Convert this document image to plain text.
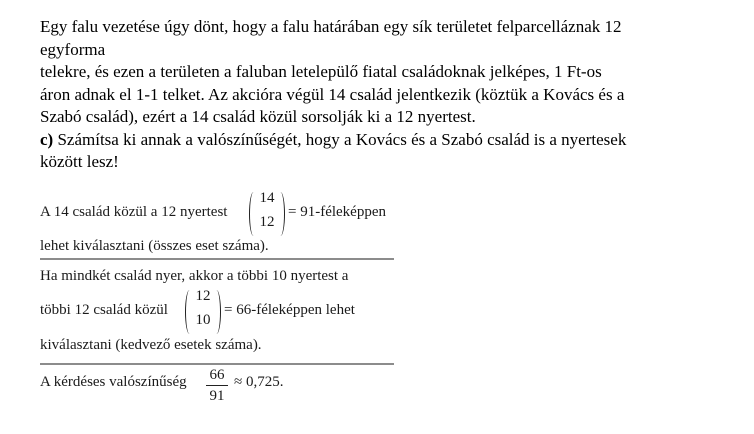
Egy falu vezetése úgy dönt, hogy a falu határában egy sík területet felparcelláznak 12
egyforma
telekre, és ezen a területen a faluban letelepülő fiatal családoknak jelképes, 1 Ft-os
áron adnak el 1-1 telket. Az akcióra végül 14 család jelentkezik (köztük a Kovács és a
Szabó család), ezért a 14 család közül sorsolják ki a 12 nyertest.
c) Számítsa ki annak a valószínűségét, hogy a Kovács és a Szabó család is a nyertesek
között lesz!
A 14 család közül a 12 nyertest
14
12
= 91-féleképpen
lehet kiválasztani (összes eset száma).
Ha mindkét család nyer, akkor a többi 10 nyertest a
többi 12 család közül
12
10
= 66-féleképpen lehet
kiválasztani (kedvező esetek száma).
A kérdéses valószínűség	66
91
≈ 0,725.
